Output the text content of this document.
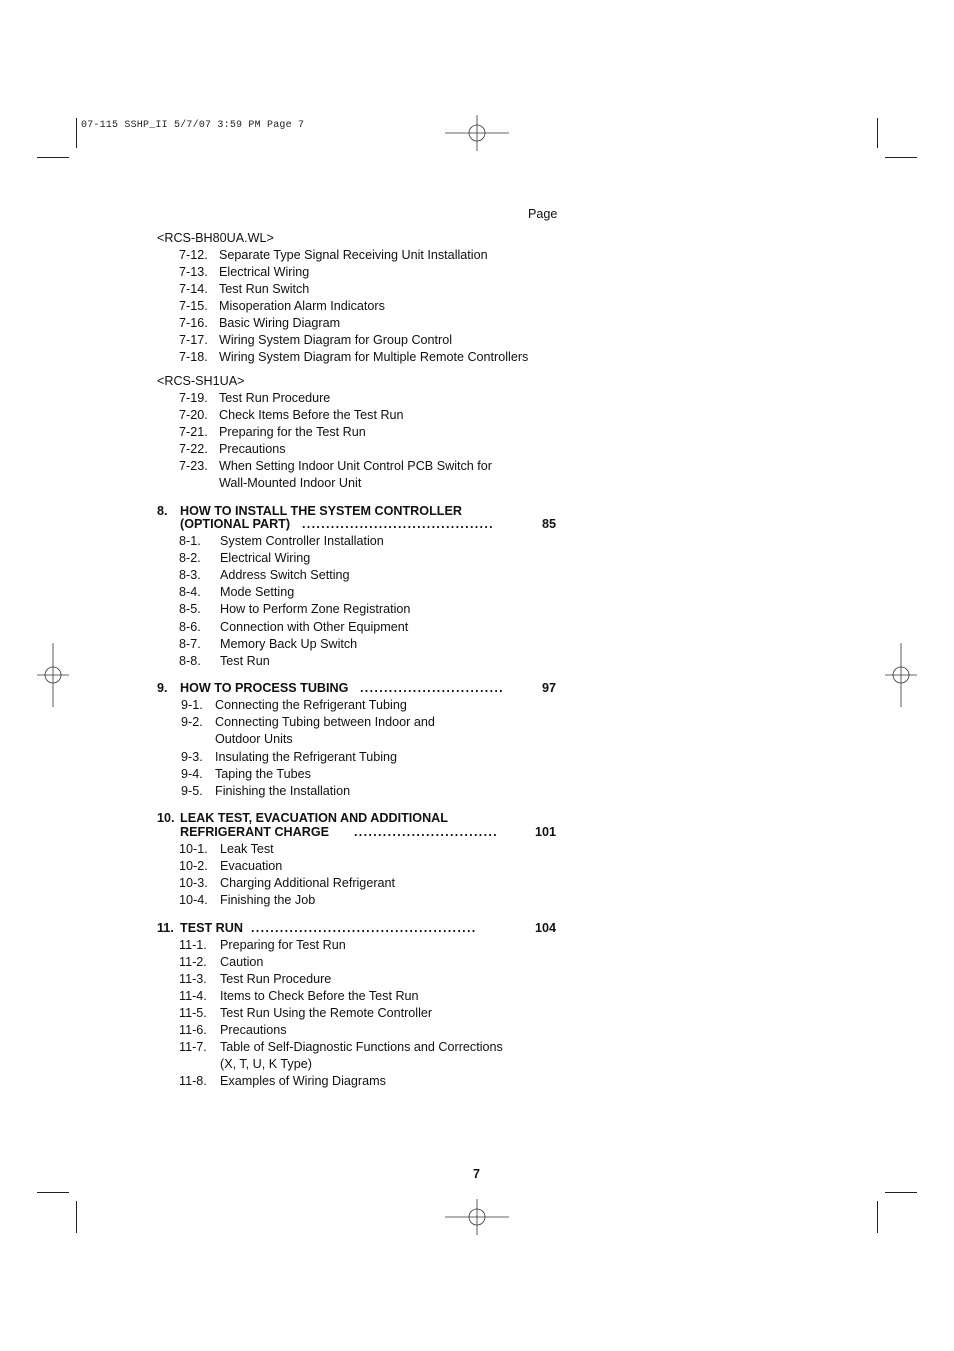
07-115 SSHP_II 5/7/07 3:59 PM Page 7
Page
<RCS-BH80UA.WL>
7-12. Separate Type Signal Receiving Unit Installation
7-13. Electrical Wiring
7-14. Test Run Switch
7-15. Misoperation Alarm Indicators
7-16. Basic Wiring Diagram
7-17. Wiring System Diagram for Group Control
7-18. Wiring System Diagram for Multiple Remote Controllers
<RCS-SH1UA>
7-19. Test Run Procedure
7-20. Check Items Before the Test Run
7-21. Preparing for the Test Run
7-22. Precautions
7-23. When Setting Indoor Unit Control PCB Switch for
Wall-Mounted Indoor Unit
8. HOW TO INSTALL THE SYSTEM CONTROLLER
(OPTIONAL PART) ........................................	85
8-1. System Controller Installation
8-2. Electrical Wiring
8-3. Address Switch Setting
8-4. Mode Setting
8-5. How to Perform Zone Registration
8-6. Connection with Other Equipment
8-7. Memory Back Up Switch
8-8. Test Run
9. HOW TO PROCESS TUBING ..............................	97
9-1. Connecting the Refrigerant Tubing
9-2. Connecting Tubing between Indoor and
Outdoor Units
9-3. Insulating the Refrigerant Tubing
9-4. Taping the Tubes
9-5. Finishing the Installation
10. LEAK TEST, EVACUATION AND ADDITIONAL
REFRIGERANT CHARGE ..............................	101
10-1. Leak Test
10-2. Evacuation
10-3. Charging Additional Refrigerant
10-4. Finishing the Job
11. TEST RUN ...............................................	104
11-1. Preparing for Test Run
11-2. Caution
11-3. Test Run Procedure
11-4. Items to Check Before the Test Run
11-5. Test Run Using the Remote Controller
11-6. Precautions
11-7. Table of Self-Diagnostic Functions and Corrections
(X, T, U, K Type)
11-8. Examples of Wiring Diagrams
7
